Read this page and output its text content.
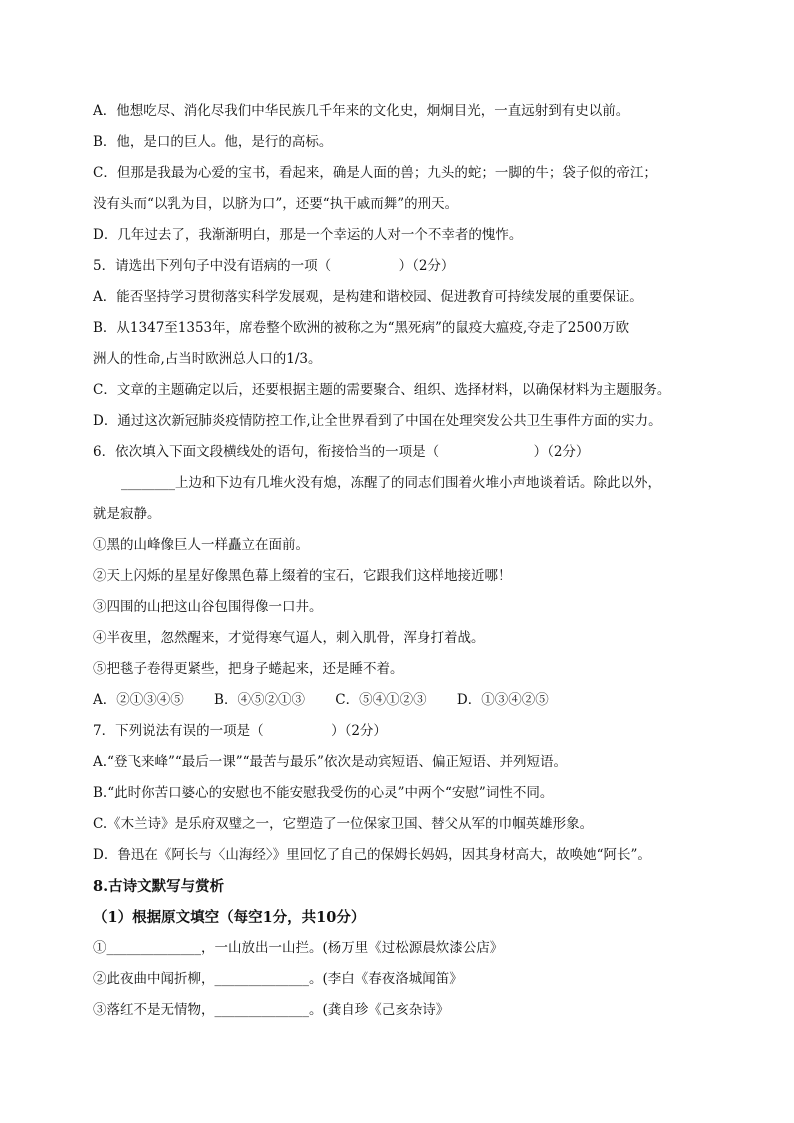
A．他想吃尽、消化尽我们中华民族几千年来的文化史，炯炯目光，一直远射到有史以前。
B．他，是口的巨人。他，是行的高标。
C．但那是我最为心爱的宝书，看起来，确是人面的兽；九头的蛇；一脚的牛；袋子似的帝江；
没有头而“以乳为目，以脐为口”，还要“执干戚而舞”的刑天。
D．几年过去了，我渐渐明白，那是一个幸运的人对一个不幸者的愧怍。
5．请选出下列句子中没有语病的一项（　　　　　）（2分）
A．能否坚持学习贯彻落实科学发展观，是构建和谐校园、促进教育可持续发展的重要保证。
B．从1347至1353年，席卷整个欧洲的被称之为“黑死病”的鼠疫大瘟疫,夺走了2500万欧
洲人的性命,占当时欧洲总人口的1/3。
C．文章的主题确定以后，还要根据主题的需要聚合、组织、选择材料，以确保材料为主题服务。
D．通过这次新冠肺炎疫情防控工作,让全世界看到了中国在处理突发公共卫生事件方面的实力。
6．依次填入下面文段横线处的语句，衔接恰当的一项是（　　　　　　　）（2分）
________上边和下边有几堆火没有熄，冻醒了的同志们围着火堆小声地谈着话。除此以外，
就是寂静。
①黑的山峰像巨人一样矗立在面前。
②天上闪烁的星星好像黑色幕上缀着的宝石，它跟我们这样地接近哪！
③四围的山把这山谷包围得像一口井。
④半夜里，忽然醒来，才觉得寒气逼人，刺入肌骨，浑身打着战。
⑤把毯子卷得更紧些，把身子蜷起来，还是睡不着。
A．②①③④⑤ B．④⑤②①③ C．⑤④①②③ D．①③④②⑤
7．下列说法有误的一项是（　　　　　）（2分）
A.“登飞来峰”“最后一课”“最苦与最乐”依次是动宾短语、偏正短语、并列短语。
B.“此时你苦口婆心的安慰也不能安慰我受伤的心灵”中两个“安慰”词性不同。
C.《木兰诗》是乐府双璧之一，它塑造了一位保家卫国、替父从军的巾帼英雄形象。
D．鲁迅在《阿长与〈山海经〉》里回忆了自己的保姆长妈妈，因其身材高大，故唤她“阿长”。
8.古诗文默写与赏析
（1）根据原文填空（每空1分，共10分）
①______________，一山放出一山拦。(杨万里《过松源晨炊漆公店》
②此夜曲中闻折柳，______________。(李白《春夜洛城闻笛》
③落红不是无情物，______________。(龚自珍《己亥杂诗》
